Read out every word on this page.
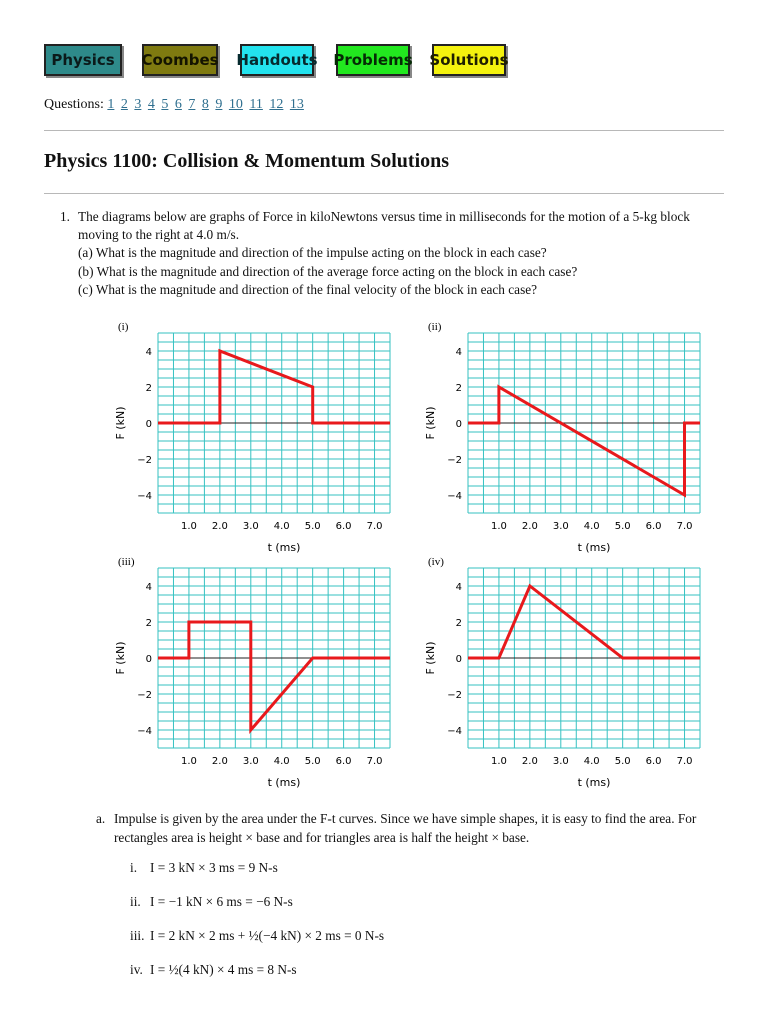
Physics	Coombes Handouts Problems Solutions
Questions: 1 2 3 4 5 6 7 8 9 10 11 12 13
Physics 1100: Collision & Momentum Solutions
1. The diagrams below are graphs of Force in kiloNewtons versus time in milliseconds for the motion of a 5-kg block moving to the right at 4.0 m/s.
(a) What is the magnitude and direction of the impulse acting on the block in each case?
(b) What is the magnitude and direction of the average force acting on the block in each case?
(c) What is the magnitude and direction of the final velocity of the block in each case?
(i)
4
2
0
−2
−4
1.0 2.0 3.0 4.0 5.0 6.0 7.0
t (ms)
F (kN)
(ii)
4
2
0
−2
−4
1.0 2.0 3.0 4.0 5.0 6.0 7.0
t (ms)
F (kN)
(iii)
4
2
0
−2
−4
1.0 2.0 3.0 4.0 5.0 6.0 7.0
t (ms)
F (kN)
(iv)
4
2
0
−2
−4
1.0 2.0 3.0 4.0 5.0 6.0 7.0
t (ms)
F (kN)
a. Impulse is given by the area under the F-t curves. Since we have simple shapes, it is easy to find the area. For rectangles area is height × base and for triangles area is half the height × base.
i. I = 3 kN × 3 ms = 9 N-s
ii. I = −1 kN × 6 ms = −6 N-s
iii. I = 2 kN × 2 ms + ½(−4 kN) × 2 ms = 0 N-s
iv. I = ½(4 kN) × 4 ms = 8 N-s
